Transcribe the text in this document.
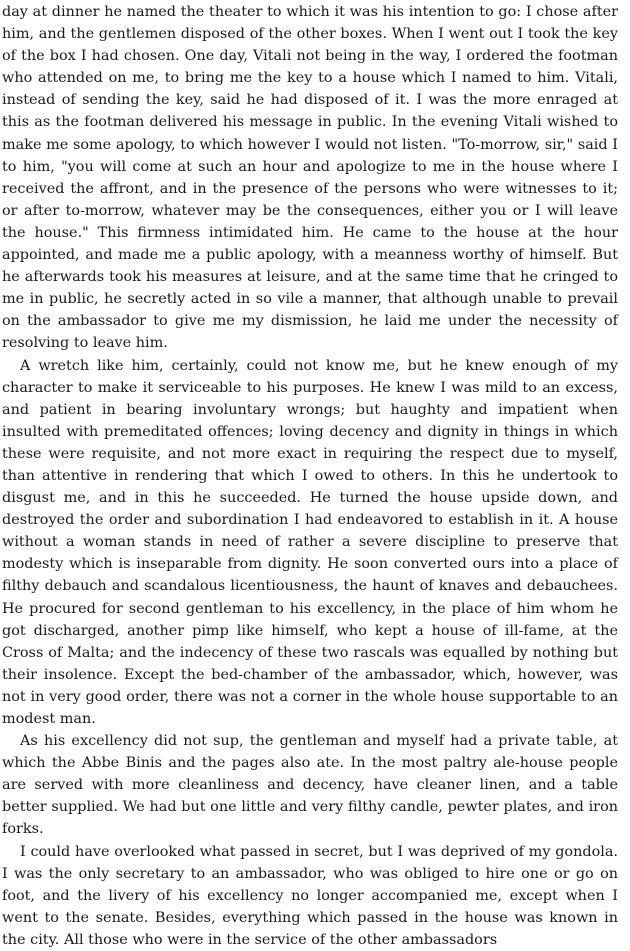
day at dinner he named the theater to which it was his intention to go: I chose after him, and the gentlemen disposed of the other boxes. When I went out I took the key of the box I had chosen. One day, Vitali not being in the way, I ordered the footman who attended on me, to bring me the key to a house which I named to him. Vitali, instead of sending the key, said he had disposed of it. I was the more enraged at this as the footman delivered his message in public. In the evening Vitali wished to make me some apology, to which however I would not listen. "To-morrow, sir," said I to him, "you will come at such an hour and apologize to me in the house where I received the affront, and in the presence of the persons who were witnesses to it; or after to-morrow, whatever may be the consequences, either you or I will leave the house." This firmness intimidated him. He came to the house at the hour appointed, and made me a public apology, with a meanness worthy of himself. But he afterwards took his measures at leisure, and at the same time that he cringed to me in public, he secretly acted in so vile a manner, that although unable to prevail on the ambassador to give me my dismission, he laid me under the necessity of resolving to leave him.

A wretch like him, certainly, could not know me, but he knew enough of my character to make it serviceable to his purposes. He knew I was mild to an excess, and patient in bearing involuntary wrongs; but haughty and impatient when insulted with premeditated offences; loving decency and dignity in things in which these were requisite, and not more exact in requiring the respect due to myself, than attentive in rendering that which I owed to others. In this he undertook to disgust me, and in this he succeeded. He turned the house upside down, and destroyed the order and subordination I had endeavored to establish in it. A house without a woman stands in need of rather a severe discipline to preserve that modesty which is inseparable from dignity. He soon converted ours into a place of filthy debauch and scandalous licentiousness, the haunt of knaves and debauchees. He procured for second gentleman to his excellency, in the place of him whom he got discharged, another pimp like himself, who kept a house of ill-fame, at the Cross of Malta; and the indecency of these two rascals was equalled by nothing but their insolence. Except the bed-chamber of the ambassador, which, however, was not in very good order, there was not a corner in the whole house supportable to an modest man.

As his excellency did not sup, the gentleman and myself had a private table, at which the Abbe Binis and the pages also ate. In the most paltry ale-house people are served with more cleanliness and decency, have cleaner linen, and a table better supplied. We had but one little and very filthy candle, pewter plates, and iron forks.

I could have overlooked what passed in secret, but I was deprived of my gondola. I was the only secretary to an ambassador, who was obliged to hire one or go on foot, and the livery of his excellency no longer accompanied me, except when I went to the senate. Besides, everything which passed in the house was known in the city. All those who were in the service of the other ambassadors
